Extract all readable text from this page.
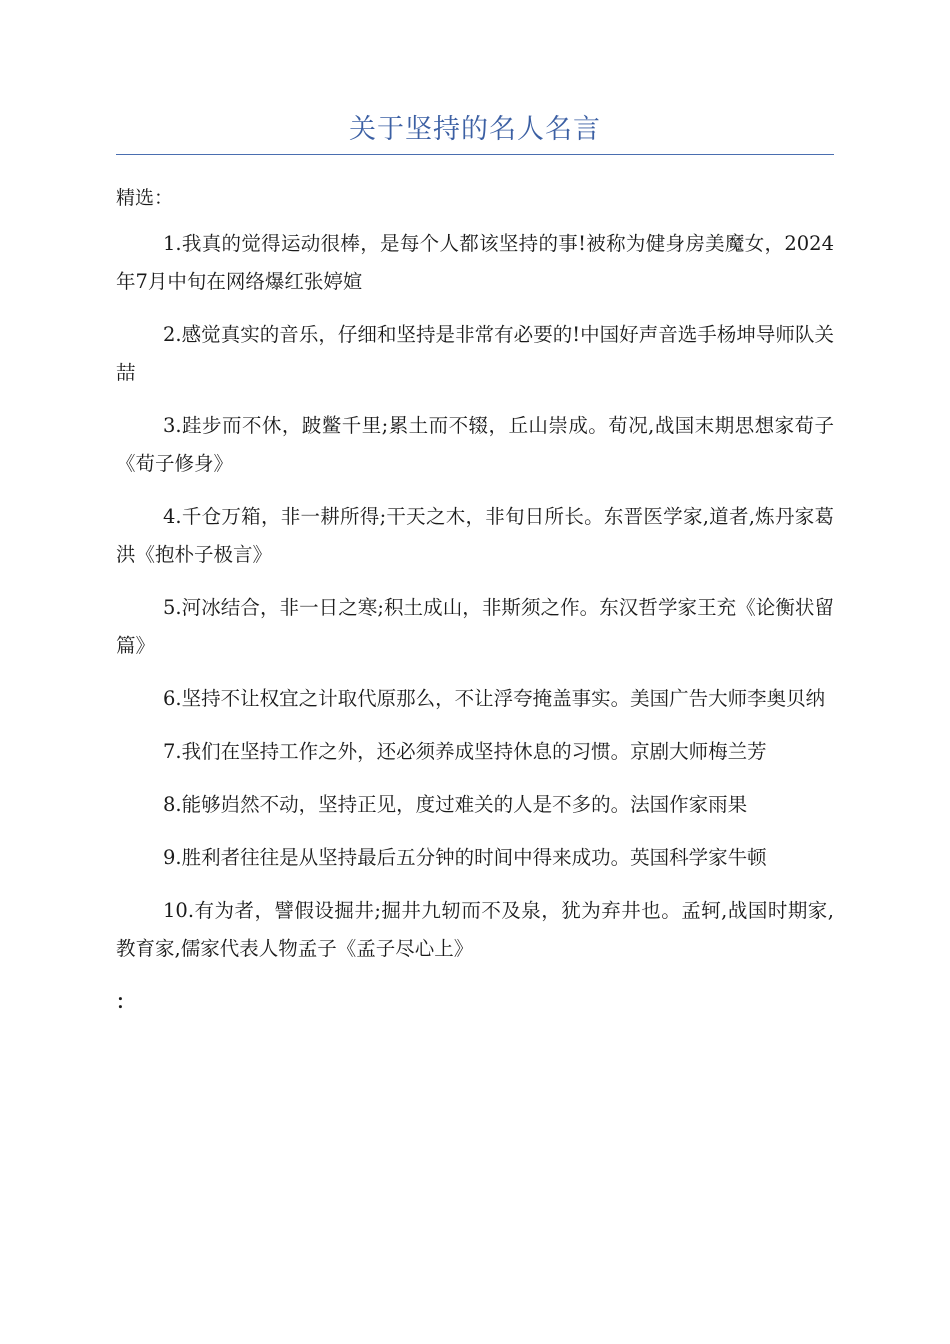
关于坚持的名人名言

精选：

1.我真的觉得运动很棒，是每个人都该坚持的事!被称为健身房美魔女，2024年7月中旬在网络爆红张婷媗

2.感觉真实的音乐，仔细和坚持是非常有必要的!中国好声音选手杨坤导师队关喆

3.跬步而不休，跛鳖千里;累土而不辍，丘山崇成。荀况,战国末期思想家荀子《荀子修身》

4.千仓万箱，非一耕所得;干天之木，非旬日所长。东晋医学家,道者,炼丹家葛洪《抱朴子极言》

5.河冰结合，非一日之寒;积土成山，非斯须之作。东汉哲学家王充《论衡状留篇》

6.坚持不让权宜之计取代原那么，不让浮夸掩盖事实。美国广告大师李奥贝纳

7.我们在坚持工作之外，还必须养成坚持休息的习惯。京剧大师梅兰芳

8.能够岿然不动，坚持正见，度过难关的人是不多的。法国作家雨果

9.胜利者往往是从坚持最后五分钟的时间中得来成功。英国科学家牛顿

10.有为者，譬假设掘井;掘井九轫而不及泉，犹为弃井也。孟轲,战国时期家,教育家,儒家代表人物孟子《孟子尽心上》

：
